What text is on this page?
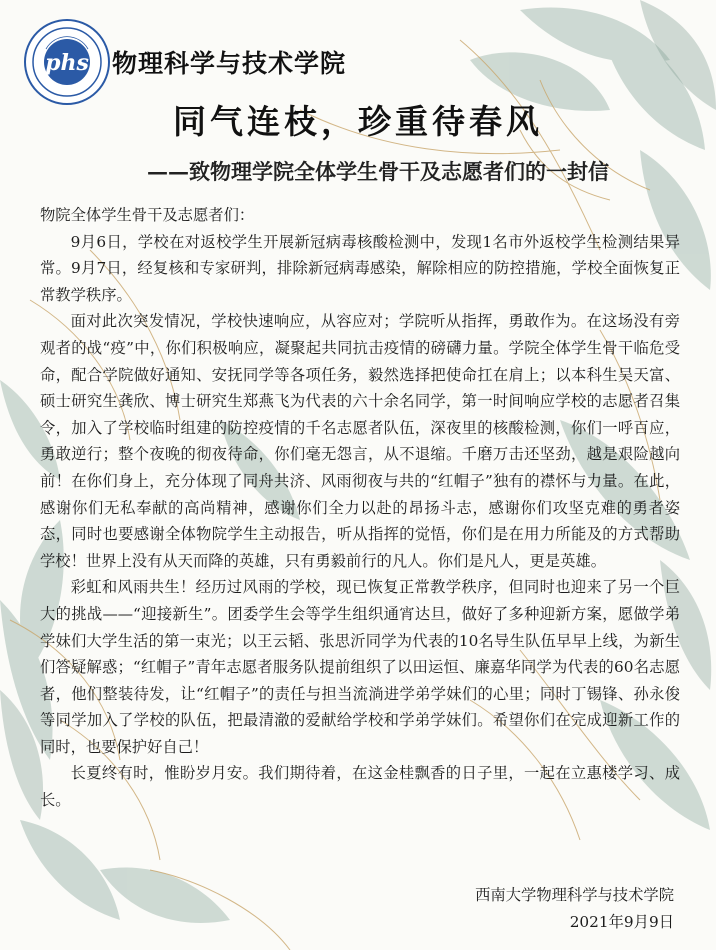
phs 物理科学与技术学院
同气连枝，珍重待春风
——致物理学院全体学生骨干及志愿者们的一封信

物院全体学生骨干及志愿者们：

9月6日，学校在对返校学生开展新冠病毒核酸检测中，发现1名市外返校学生检测结果异常。9月7日，经复核和专家研判，排除新冠病毒感染，解除相应的防控措施，学校全面恢复正常教学秩序。

面对此次突发情况，学校快速响应，从容应对；学院听从指挥，勇敢作为。在这场没有旁观者的战“疫”中，你们积极响应，凝聚起共同抗击疫情的磅礴力量。学院全体学生骨干临危受命，配合学院做好通知、安抚同学等各项任务，毅然选择把使命扛在肩上；以本科生吴天富、硕士研究生龚欣、博士研究生郑燕飞为代表的六十余名同学，第一时间响应学校的志愿者召集令，加入了学校临时组建的防控疫情的千名志愿者队伍，深夜里的核酸检测，你们一呼百应，勇敢逆行；整个夜晚的彻夜待命，你们毫无怨言，从不退缩。千磨万击还坚劲，越是艰险越向前！在你们身上，充分体现了同舟共济、风雨彻夜与共的“红帽子”独有的襟怀与力量。在此，感谢你们无私奉献的高尚精神，感谢你们全力以赴的昂扬斗志，感谢你们攻坚克难的勇者姿态，同时也要感谢全体物院学生主动报告，听从指挥的觉悟，你们是在用力所能及的方式帮助学校！世界上没有从天而降的英雄，只有勇毅前行的凡人。你们是凡人，更是英雄。

彩虹和风雨共生！经历过风雨的学校，现已恢复正常教学秩序，但同时也迎来了另一个巨大的挑战——“迎接新生”。团委学生会等学生组织通宵达旦，做好了多种迎新方案，愿做学弟学妹们大学生活的第一束光；以王云韬、张思沂同学为代表的10名导生队伍早早上线，为新生们答疑解惑；“红帽子”青年志愿者服务队提前组织了以田运恒、廉嘉华同学为代表的60名志愿者，他们整装待发，让“红帽子”的责任与担当流淌进学弟学妹们的心里；同时丁锡锋、孙永俊等同学加入了学校的队伍，把最清澈的爱献给学校和学弟学妹们。希望你们在完成迎新工作的同时，也要保护好自己！

长夏终有时，惟盼岁月安。我们期待着，在这金桂飘香的日子里，一起在立惠楼学习、成长。

西南大学物理科学与技术学院
2021年9月9日
